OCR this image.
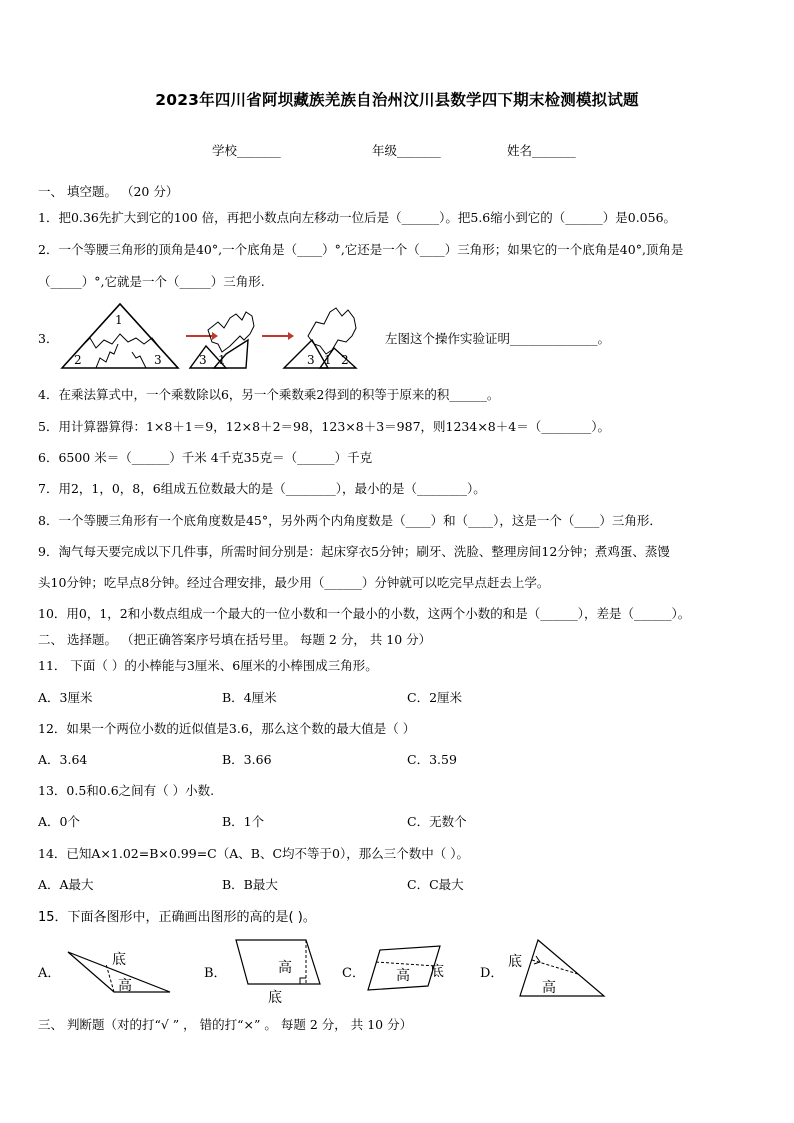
2023年四川省阿坝藏族羌族自治州汶川县数学四下期末检测模拟试题
学校_______	年级_______	姓名_______
一、 填空题。 （20 分）
1．把0.36先扩大到它的100 倍，再把小数点向左移动一位后是（______）。把5.6缩小到它的（______）是0.056。
2．一个等腰三角形的顶角是40°,一个底角是（____）°,它还是一个（____）三角形；如果它的一个底角是40°,顶角是
（_____）°,它就是一个（_____）三角形.
3．
1
2	3	3 1	3 1 2
左图这个操作实验证明______________。
4．在乘法算式中，一个乘数除以6，另一个乘数乘2得到的积等于原来的积______。
5．用计算器算得：1×8＋1＝9，12×8＋2＝98，123×8＋3＝987，则1234×8＋4＝（________）。
6．6500 米＝（______）千米 4千克35克＝（______）千克
7．用2，1，0，8，6组成五位数最大的是（________），最小的是（________）。
8．一个等腰三角形有一个底角度数是45°，另外两个内角度数是（____）和（____），这是一个（____）三角形．
9．淘气每天要完成以下几件事，所需时间分别是：起床穿衣5分钟；刷牙、洗脸、整理房间12分钟；煮鸡蛋、蒸馒
头10分钟；吃早点8分钟。经过合理安排，最少用（______）分钟就可以吃完早点赶去上学。
10．用0，1，2和小数点组成一个最大的一位小数和一个最小的小数，这两个小数的和是（______），差是（______）。
二、 选择题。 （把正确答案序号填在括号里。 每题 2 分， 共 10 分）
11． 下面（ ）的小棒能与3厘米、6厘米的小棒围成三角形。
A．3厘米	B．4厘米	C．2厘米
12．如果一个两位小数的近似值是3.6，那么这个数的最大值是（ ）
A．3.64	B．3.66	C．3.59
13．0.5和0.6之间有（ ）小数.
A．0个	B．1个	C．无数个
14．已知A×1.02=B×0.99=C（A、B、C均不等于0），那么三个数中（ ）。
A．A最大	B．B最大	C．C最大
15．下面各图形中，正确画出图形的高的是( )。
A．
底
高
B．	高
底
C． 高 底	D．
底
高
三、 判断题（对的打“√ ” ， 错的打“×” 。 每题 2 分， 共 10 分）
